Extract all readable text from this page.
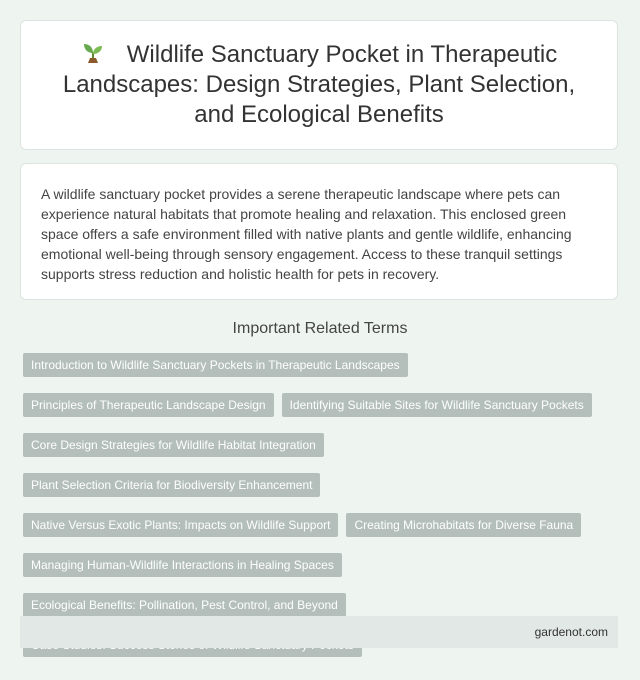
Wildlife Sanctuary Pocket in Therapeutic Landscapes: Design Strategies, Plant Selection, and Ecological Benefits

A wildlife sanctuary pocket provides a serene therapeutic landscape where pets can experience natural habitats that promote healing and relaxation. This enclosed green space offers a safe environment filled with native plants and gentle wildlife, enhancing emotional well-being through sensory engagement. Access to these tranquil settings supports stress reduction and holistic health for pets in recovery.

Important Related Terms
Introduction to Wildlife Sanctuary Pockets in Therapeutic Landscapes
Principles of Therapeutic Landscape Design	Identifying Suitable Sites for Wildlife Sanctuary Pockets
Core Design Strategies for Wildlife Habitat Integration
Plant Selection Criteria for Biodiversity Enhancement
Native Versus Exotic Plants: Impacts on Wildlife Support	Creating Microhabitats for Diverse Fauna
Managing Human-Wildlife Interactions in Healing Spaces
Ecological Benefits: Pollination, Pest Control, and Beyond
gardenot.com
